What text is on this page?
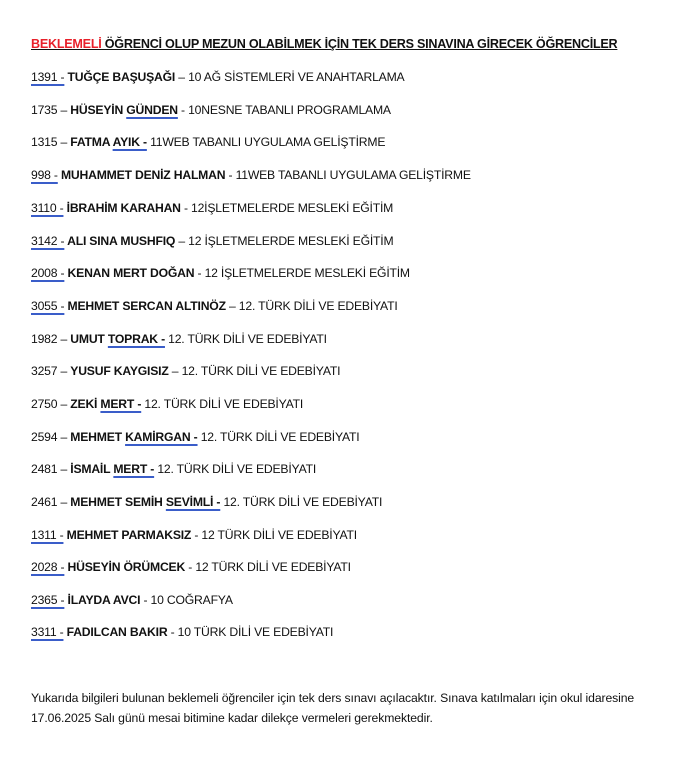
BEKLEMELİ ÖĞRENCİ OLUP MEZUN OLABİLMEK İÇİN TEK DERS SINAVINA GİRECEK ÖĞRENCİLER
1391 - TUĞÇE BAŞUŞAĞI – 10 AĞ SİSTEMLERİ VE ANAHTARLAMA
1735 – HÜSEYİN GÜNDEN - 10NESNE TABANLI PROGRAMLAMA
1315 – FATMA AYIK - 11WEB TABANLI UYGULAMA GELİŞTİRME
998 - MUHAMMET DENİZ HALMAN - 11WEB TABANLI UYGULAMA GELİŞTİRME
3110 - İBRAHİM KARAHAN - 12İŞLETMELERDE MESLEKİ EĞİTİM
3142 - ALI SINA MUSHFIQ – 12 İŞLETMELERDE MESLEKİ EĞİTİM
2008 - KENAN MERT DOĞAN - 12 İŞLETMELERDE MESLEKİ EĞİTİM
3055 - MEHMET SERCAN ALTINÖZ – 12. TÜRK DİLİ VE EDEBİYATI
1982 – UMUT TOPRAK - 12. TÜRK DİLİ VE EDEBİYATI
3257 – YUSUF KAYGISIZ – 12. TÜRK DİLİ VE EDEBİYATI
2750 – ZEKİ MERT - 12. TÜRK DİLİ VE EDEBİYATI
2594 – MEHMET KAMİRGAN - 12. TÜRK DİLİ VE EDEBİYATI
2481 – İSMAİL MERT - 12. TÜRK DİLİ VE EDEBİYATI
2461 – MEHMET SEMİH SEVİMLİ - 12. TÜRK DİLİ VE EDEBİYATI
1311 - MEHMET PARMAKSIZ - 12 TÜRK DİLİ VE EDEBİYATI
2028 - HÜSEYİN ÖRÜMCEK - 12 TÜRK DİLİ VE EDEBİYATI
2365 - İLAYDA AVCI - 10 COĞRAFYA
3311 - FADILCAN BAKIR - 10 TÜRK DİLİ VE EDEBİYATI
Yukarıda bilgileri bulunan beklemeli öğrenciler için tek ders sınavı açılacaktır. Sınava katılmaları için okul idaresine 17.06.2025 Salı günü mesai bitimine kadar dilekçe vermeleri gerekmektedir.
